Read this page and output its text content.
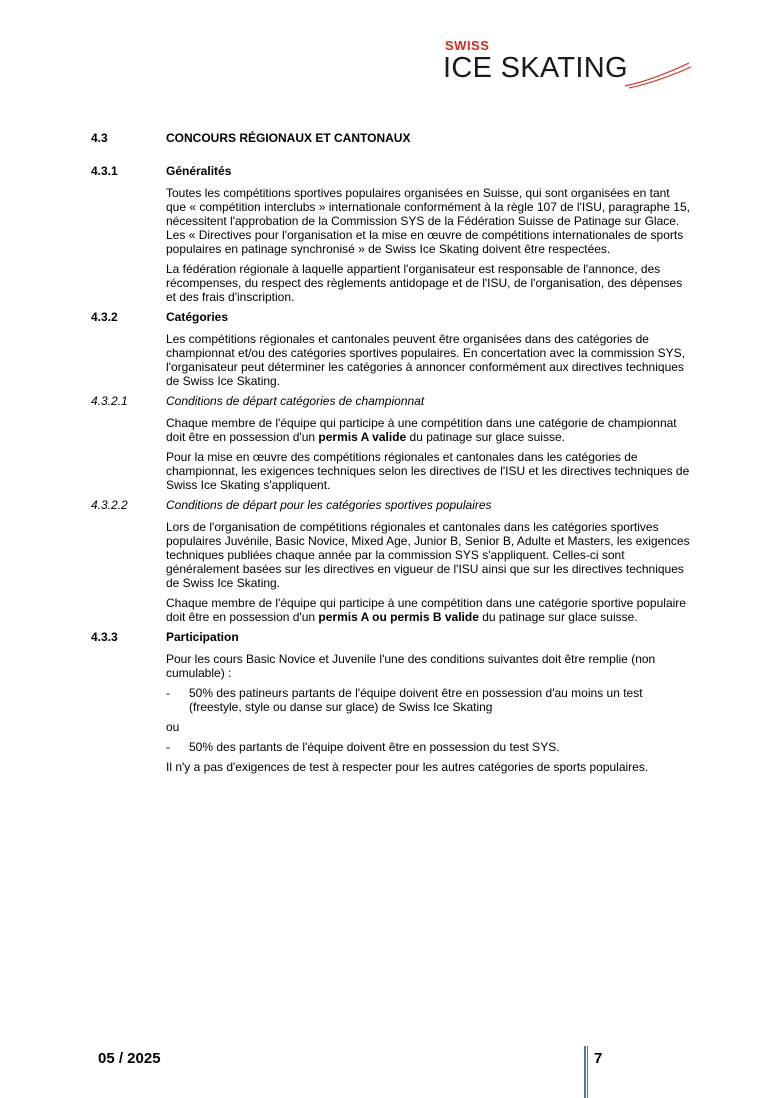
SWISS
ICE SKATING
4.3	CONCOURS RÉGIONAUX ET CANTONAUX
4.3.1	Généralités
Toutes les compétitions sportives populaires organisées en Suisse, qui sont organisées en tant que « compétition interclubs » internationale conformément à la règle 107 de l'ISU, paragraphe 15, nécessitent l'approbation de la Commission SYS de la Fédération Suisse de Patinage sur Glace. Les « Directives pour l'organisation et la mise en œuvre de compétitions internationales de sports populaires en patinage synchronisé » de Swiss Ice Skating doivent être respectées.
La fédération régionale à laquelle appartient l'organisateur est responsable de l'annonce, des récompenses, du respect des règlements antidopage et de l'ISU, de l'organisation, des dépenses et des frais d'inscription.
4.3.2	Catégories
Les compétitions régionales et cantonales peuvent être organisées dans des catégories de championnat et/ou des catégories sportives populaires. En concertation avec la commission SYS, l'organisateur peut déterminer les catégories à annoncer conformément aux directives techniques de Swiss Ice Skating.
4.3.2.1	Conditions de départ catégories de championnat
Chaque membre de l'équipe qui participe à une compétition dans une catégorie de championnat doit être en possession d'un permis A valide du patinage sur glace suisse.
Pour la mise en œuvre des compétitions régionales et cantonales dans les catégories de championnat, les exigences techniques selon les directives de l'ISU et les directives techniques de Swiss Ice Skating s'appliquent.
4.3.2.2	Conditions de départ pour les catégories sportives populaires
Lors de l'organisation de compétitions régionales et cantonales dans les catégories sportives populaires Juvénile, Basic Novice, Mixed Age, Junior B, Senior B, Adulte et Masters, les exigences techniques publiées chaque année par la commission SYS s'appliquent. Celles-ci sont généralement basées sur les directives en vigueur de l'ISU ainsi que sur les directives techniques de Swiss Ice Skating.
Chaque membre de l'équipe qui participe à une compétition dans une catégorie sportive populaire doit être en possession d'un permis A ou permis B valide du patinage sur glace suisse.
4.3.3	Participation
Pour les cours Basic Novice et Juvenile l'une des conditions suivantes doit être remplie (non cumulable) :
-	50% des patineurs partants de l'équipe doivent être en possession d'au moins un test (freestyle, style ou danse sur glace) de Swiss Ice Skating
ou
-	50% des partants de l'équipe doivent être en possession du test SYS.
Il n'y a pas d'exigences de test à respecter pour les autres catégories de sports populaires.
05 / 2025	7
